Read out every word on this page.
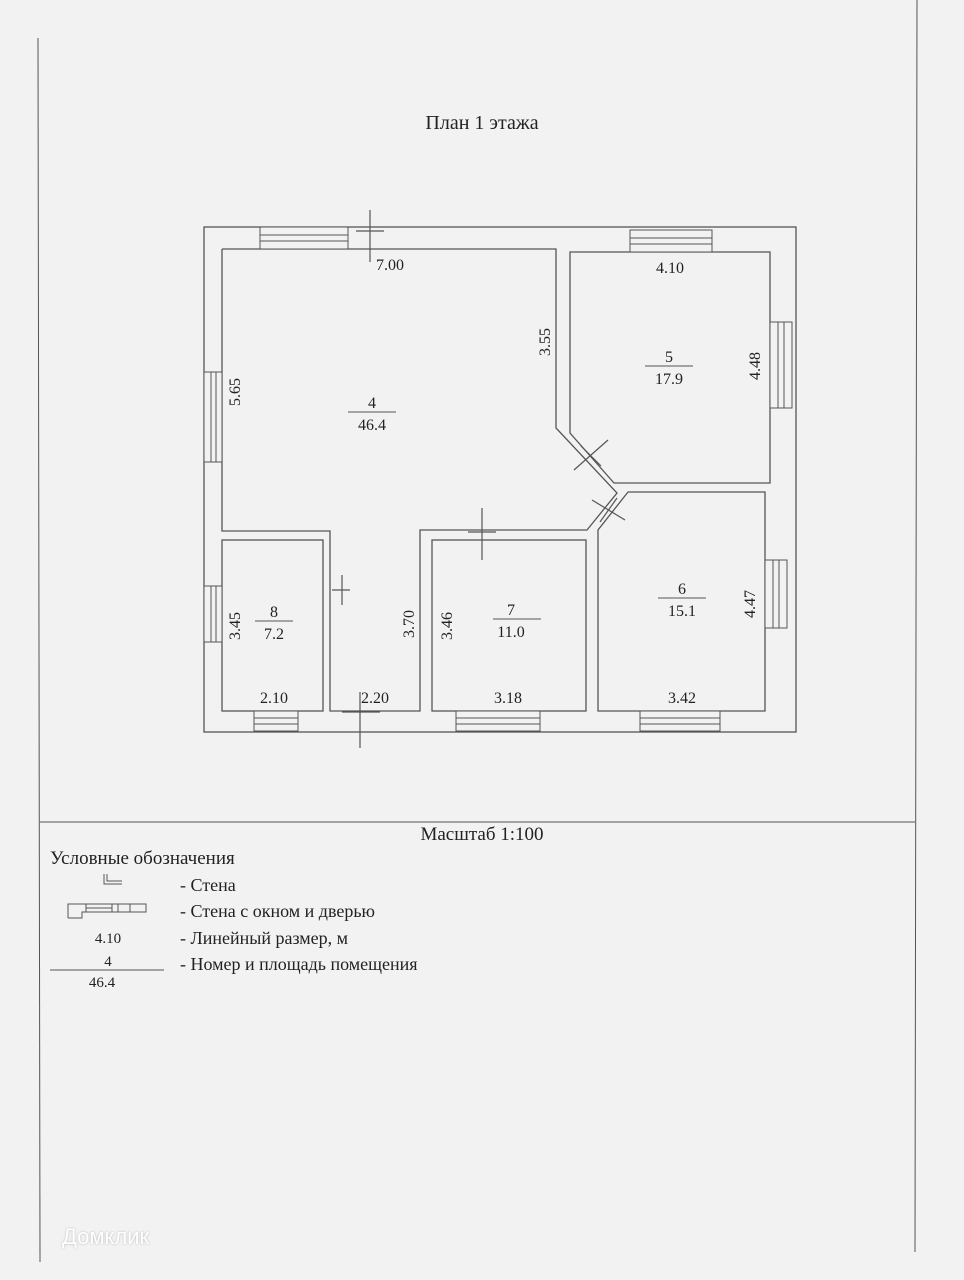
4
46.4
5
17.9
6
15.1
7
11.0
8
7.2
7.00	4.10
3.55
4.48
5.65
4.47
3.45	3.70 3.46
2.10	2.20	3.18	3.42
4.10
4
46.4
План 1 этажа
Масштаб 1:100
Условные обозначения
- Стена
- Стена с окном и дверью
- Линейный размер, м
- Номер и площадь помещения
Домклик
